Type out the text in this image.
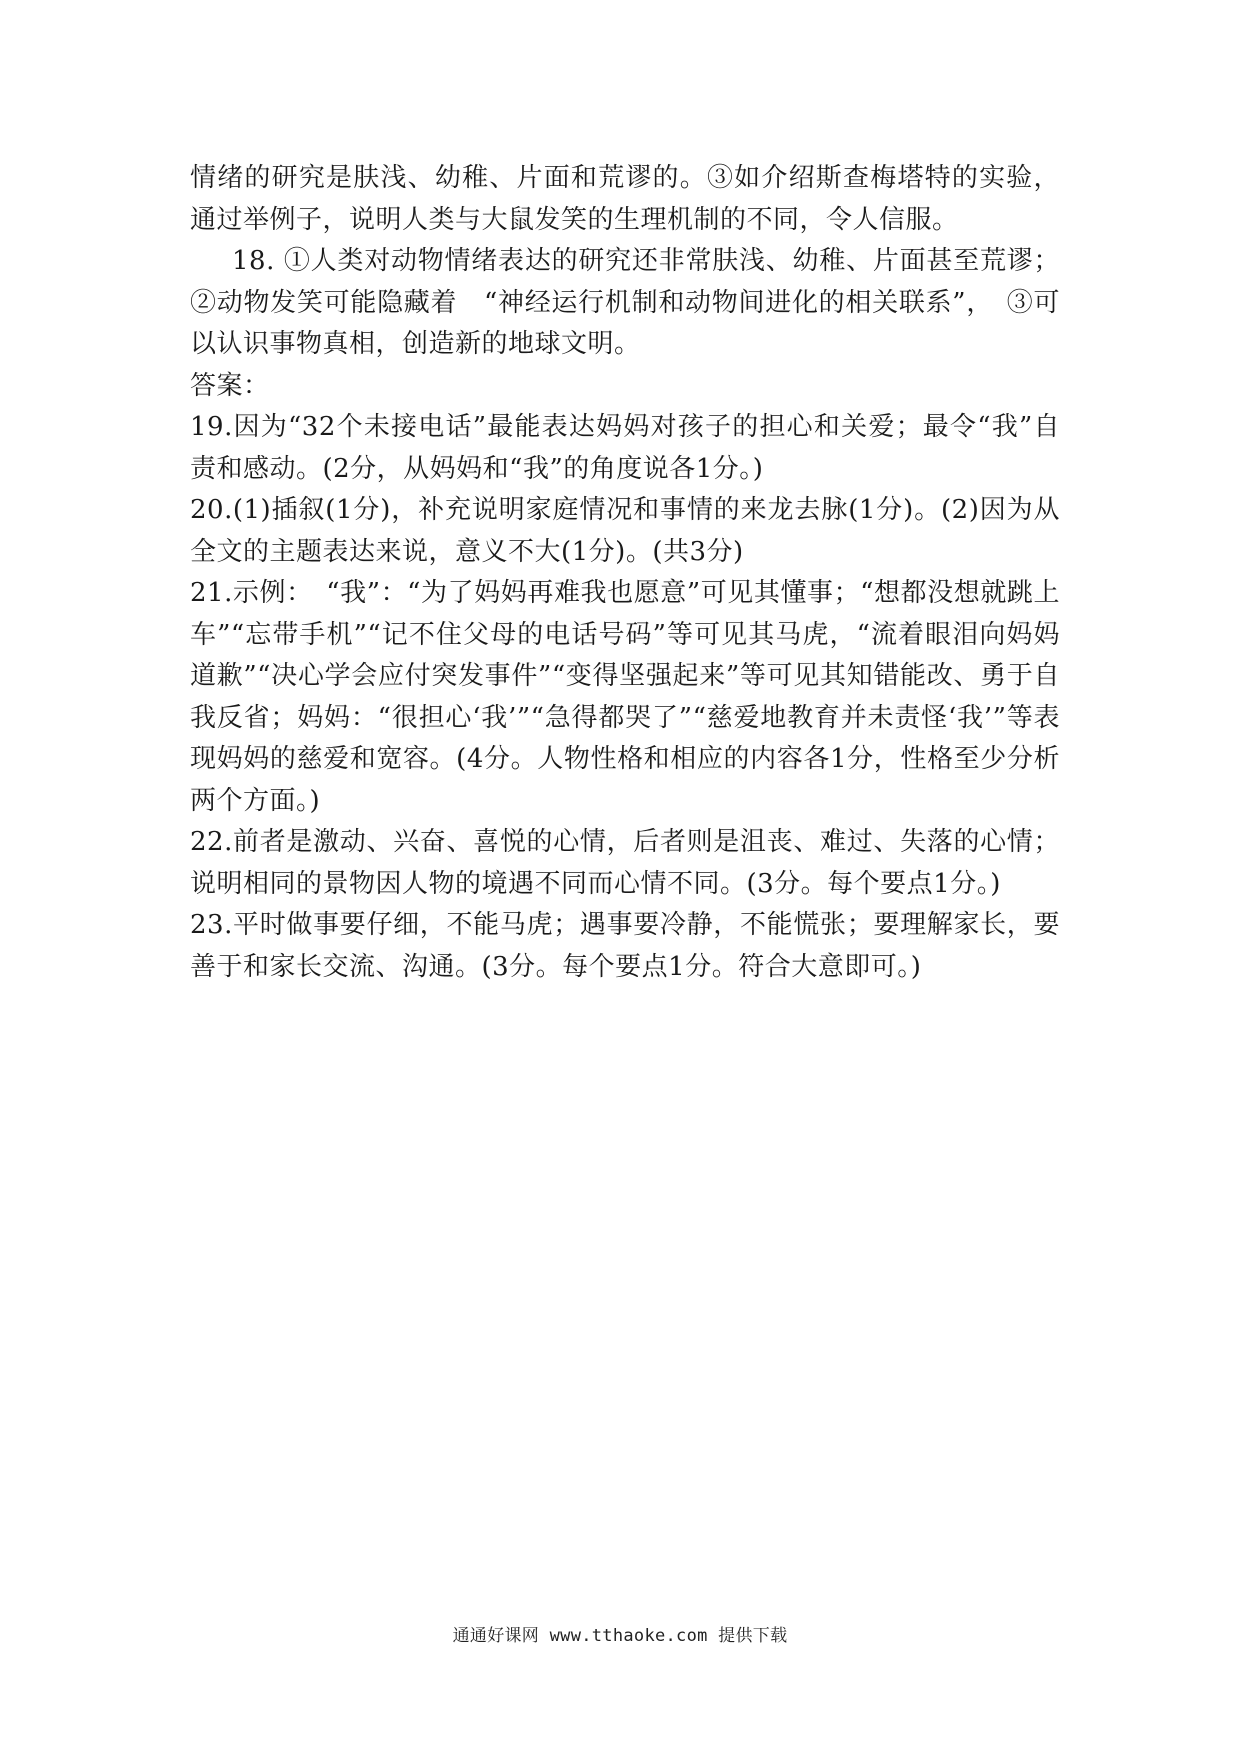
情绪的研究是肤浅、幼稚、片面和荒谬的。③如介绍斯查梅塔特的实验，通过举例子，说明人类与大鼠发笑的生理机制的不同，令人信服。

18. ①人类对动物情绪表达的研究还非常肤浅、幼稚、片面甚至荒谬；②动物发笑可能隐藏着　“神经运行机制和动物间进化的相关联系”，　③可以认识事物真相，创造新的地球文明。

答案：

19.因为“32个未接电话”最能表达妈妈对孩子的担心和关爱；最令“我”自责和感动。(2分，从妈妈和“我”的角度说各1分。)

20.(1)插叙(1分)，补充说明家庭情况和事情的来龙去脉(1分)。(2)因为从全文的主题表达来说，意义不大(1分)。(共3分)

21.示例：　“我”：“为了妈妈再难我也愿意”可见其懂事；“想都没想就跳上车”“忘带手机”“记不住父母的电话号码”等可见其马虎，“流着眼泪向妈妈道歉”“决心学会应付突发事件”“变得坚强起来”等可见其知错能改、勇于自我反省；妈妈：“很担心‘我’”“急得都哭了”“慈爱地教育并未责怪‘我’”等表现妈妈的慈爱和宽容。(4分。人物性格和相应的内容各1分，性格至少分析两个方面。)

22.前者是激动、兴奋、喜悦的心情，后者则是沮丧、难过、失落的心情；说明相同的景物因人物的境遇不同而心情不同。(3分。每个要点1分。)

23.平时做事要仔细，不能马虎；遇事要冷静，不能慌张；要理解家长，要善于和家长交流、沟通。(3分。每个要点1分。符合大意即可。)

通通好课网 www.tthaoke.com 提供下载
